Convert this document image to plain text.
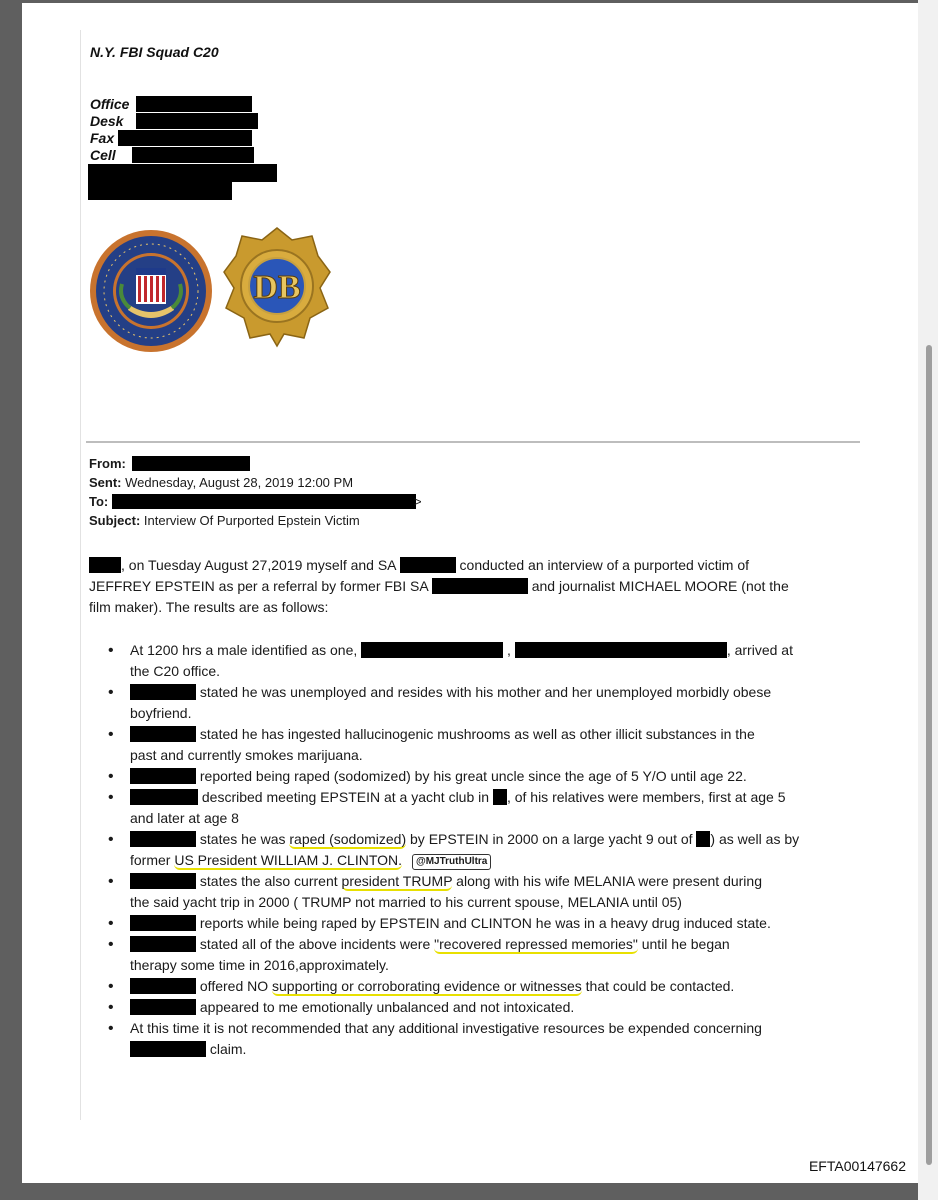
N.Y. FBI Squad C20
Office
Desk
Fax
Cell
DB
From:
Sent: Wednesday, August 28, 2019 12:00 PM
To:	>
Subject: Interview Of Purported Epstein Victim
, on Tuesday August 27,2019 myself and SA	conducted an interview of a purported victim of
JEFFREY EPSTEIN as per a referral by former FBI SA	and journalist MICHAEL MOORE (not the
film maker). The results are as follows:
• At 1200 hrs a male identified as one,	,	, arrived at
the C20 office.
• stated he was unemployed and resides with his mother and her unemployed morbidly obese
boyfriend.
• stated he has ingested hallucinogenic mushrooms as well as other illicit substances in the
past and currently smokes marijuana.
• reported being raped (sodomized) by his great uncle since the age of 5 Y/O until age 22.
• described meeting EPSTEIN at a yacht club in , of his relatives were members, first at age 5
and later at age 8
• states he was raped (sodomized) by EPSTEIN in 2000 on a large yacht 9 out of ) as well as by
former US President WILLIAM J. CLINTON. @MJTruthUltra
• states the also current president TRUMP along with his wife MELANIA were present during
the said yacht trip in 2000 ( TRUMP not married to his current spouse, MELANIA until 05)
• reports while being raped by EPSTEIN and CLINTON he was in a heavy drug induced state.
• stated all of the above incidents were "recovered repressed memories" until he began
therapy some time in 2016,approximately.
• offered NO supporting or corroborating evidence or witnesses that could be contacted.
• appeared to me emotionally unbalanced and not intoxicated.
• At this time it is not recommended that any additional investigative resources be expended concerning
claim.
EFTA00147662
